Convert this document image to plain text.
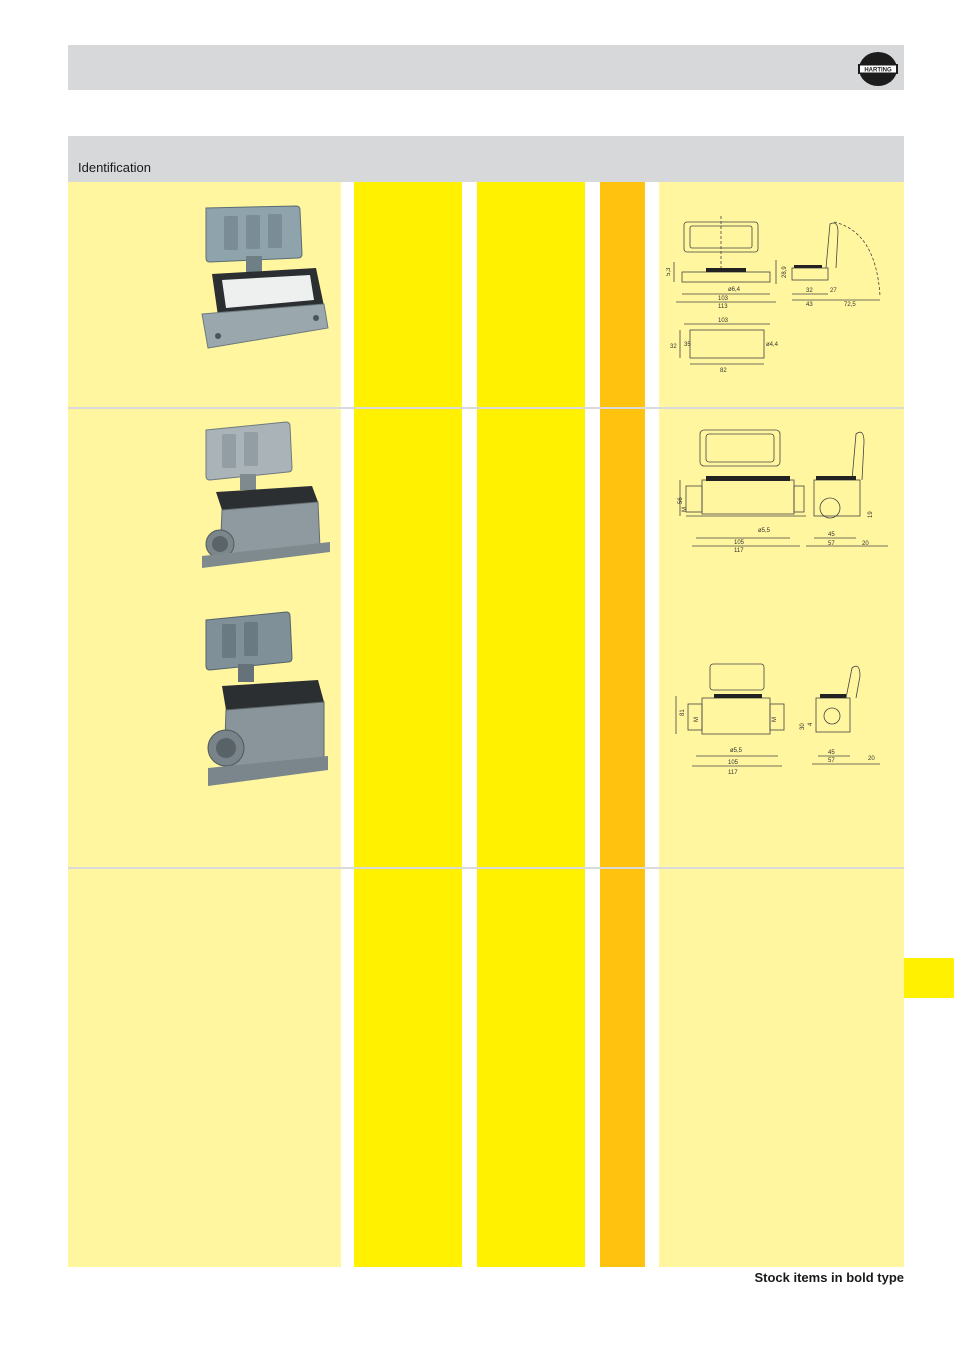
HARTING
Identification
5,3	28,9
ø6,4
103
113
32
43
27
72,5
103
32 35	ø4,4
82
56
M
ø5,5
105
117
19
45
57	20
81
M	M
ø5,5
105
117
30 4
45
57	20
Stock items in bold type
